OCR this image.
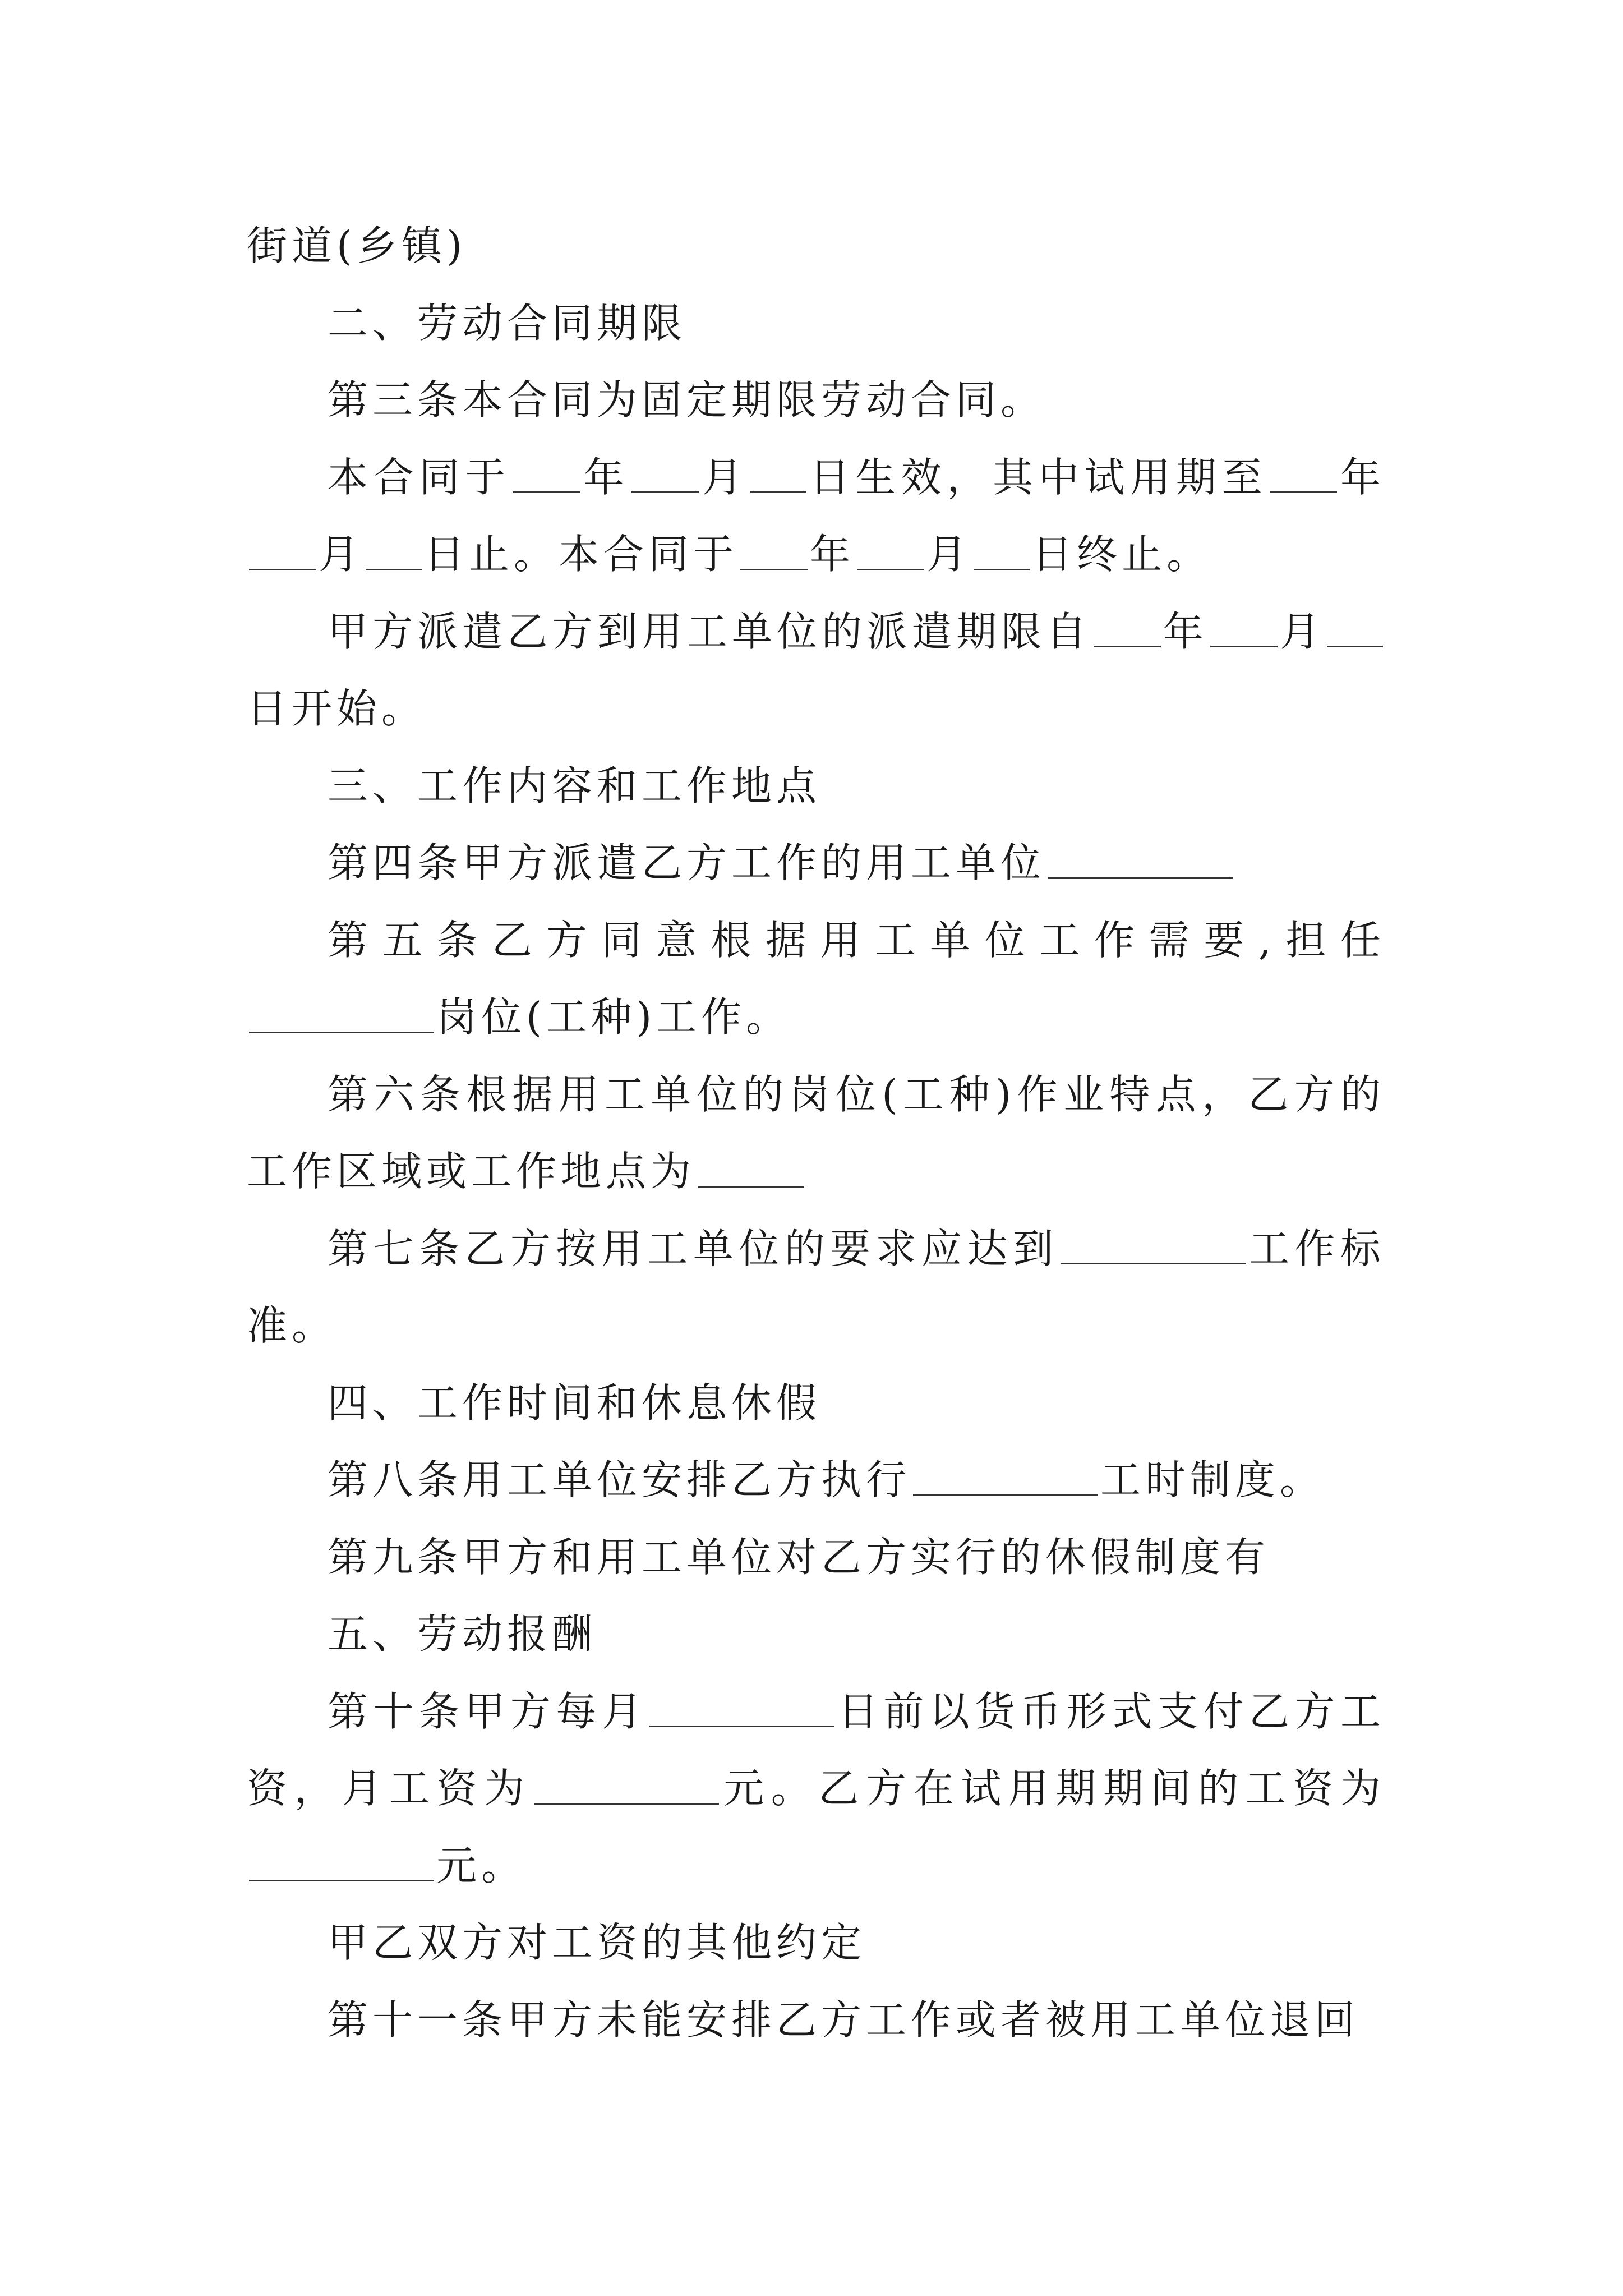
街道(乡镇)

二、劳动合同期限

第三条本合同为固定期限劳动合同。

本合同于 年 月 日生效，其中试用期至 年月 日止。本合同于 年 月 日终止。

甲方派遣乙方到用工单位的派遣期限自 年 月日开始。

三、工作内容和工作地点

第四条甲方派遣乙方工作的用工单位

第五条乙方同意根据用工单位工作需要,担任岗位(工种)工作。

第六条根据用工单位的岗位(工种)作业特点，乙方的工作区域或工作地点为

第七条乙方按用工单位的要求应达到	工作标准。

四、工作时间和休息休假

第八条用工单位安排乙方执行	工时制度。

第九条甲方和用工单位对乙方实行的休假制度有

五、劳动报酬

第十条甲方每月	日前以货币形式支付乙方工资，月工资为	元。乙方在试用期期间的工资为元。

甲乙双方对工资的其他约定

第十一条甲方未能安排乙方工作或者被用工单位退回
